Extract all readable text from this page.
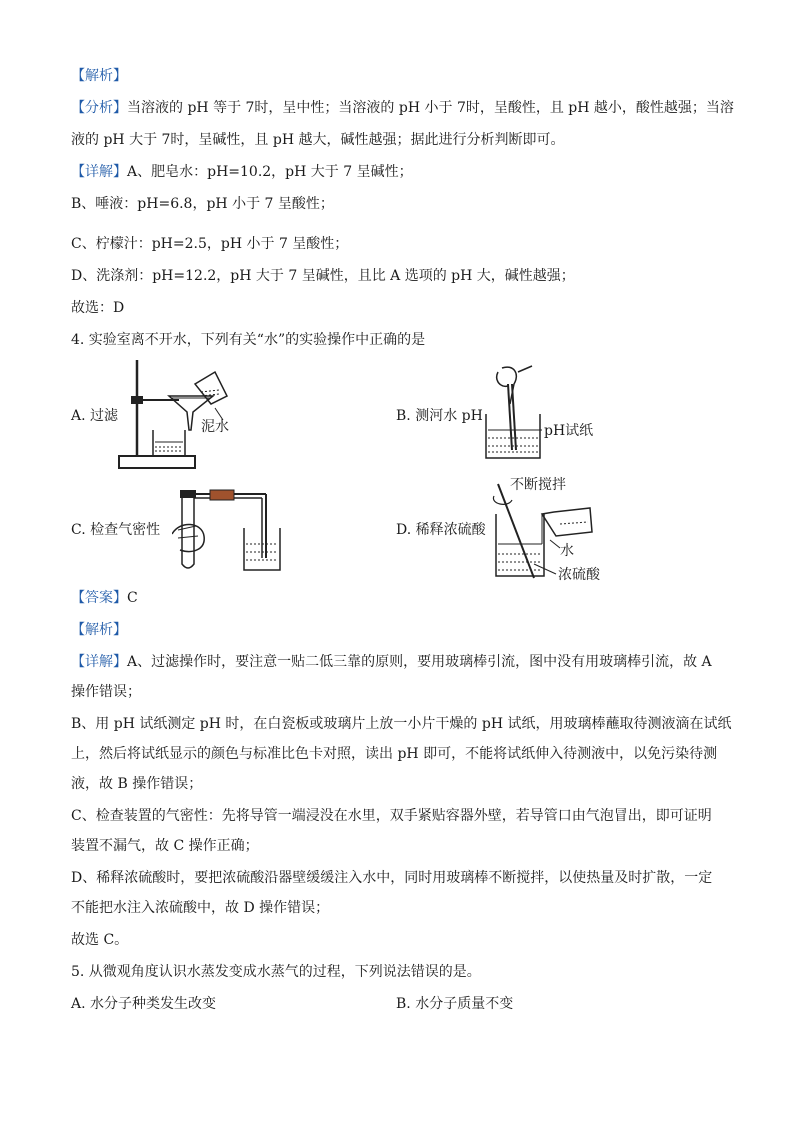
【解析】
【分析】当溶液的 pH 等于 7时，呈中性；当溶液的 pH 小于 7时，呈酸性，且 pH 越小，酸性越强；当溶
液的 pH 大于 7时，呈碱性，且 pH 越大，碱性越强；据此进行分析判断即可。
【详解】A、肥皂水：pH=10.2，pH 大于 7 呈碱性；
B、唾液：pH=6.8，pH 小于 7 呈酸性；
C、柠檬汁：pH=2.5，pH 小于 7 呈酸性；
D、洗涤剂：pH=12.2，pH 大于 7 呈碱性，且比 A 选项的 pH 大，碱性越强；
故选：D
4. 实验室离不开水，下列有关“水”的实验操作中正确的是
A. 过滤	B. 测河水 pH
C. 检查气密性	D. 稀释浓硫酸
泥水	pH试纸
不断搅拌
水
浓硫酸
【答案】C
【解析】
【详解】A、过滤操作时，要注意一贴二低三靠的原则，要用玻璃棒引流，图中没有用玻璃棒引流，故 A
操作错误；
B、用 pH 试纸测定 pH 时，在白瓷板或玻璃片上放一小片干燥的 pH 试纸，用玻璃棒蘸取待测液滴在试纸
上，然后将试纸显示的颜色与标准比色卡对照，读出 pH 即可，不能将试纸伸入待测液中，以免污染待测
液，故 B 操作错误；
C、检查装置的气密性：先将导管一端浸没在水里，双手紧贴容器外壁，若导管口由气泡冒出，即可证明
装置不漏气，故 C 操作正确；
D、稀释浓硫酸时，要把浓硫酸沿器壁缓缓注入水中，同时用玻璃棒不断搅拌，以使热量及时扩散，一定
不能把水注入浓硫酸中，故 D 操作错误；
故选 C。
5. 从微观角度认识水蒸发变成水蒸气的过程，下列说法错误的是。
A. 水分子种类发生改变	B. 水分子质量不变
